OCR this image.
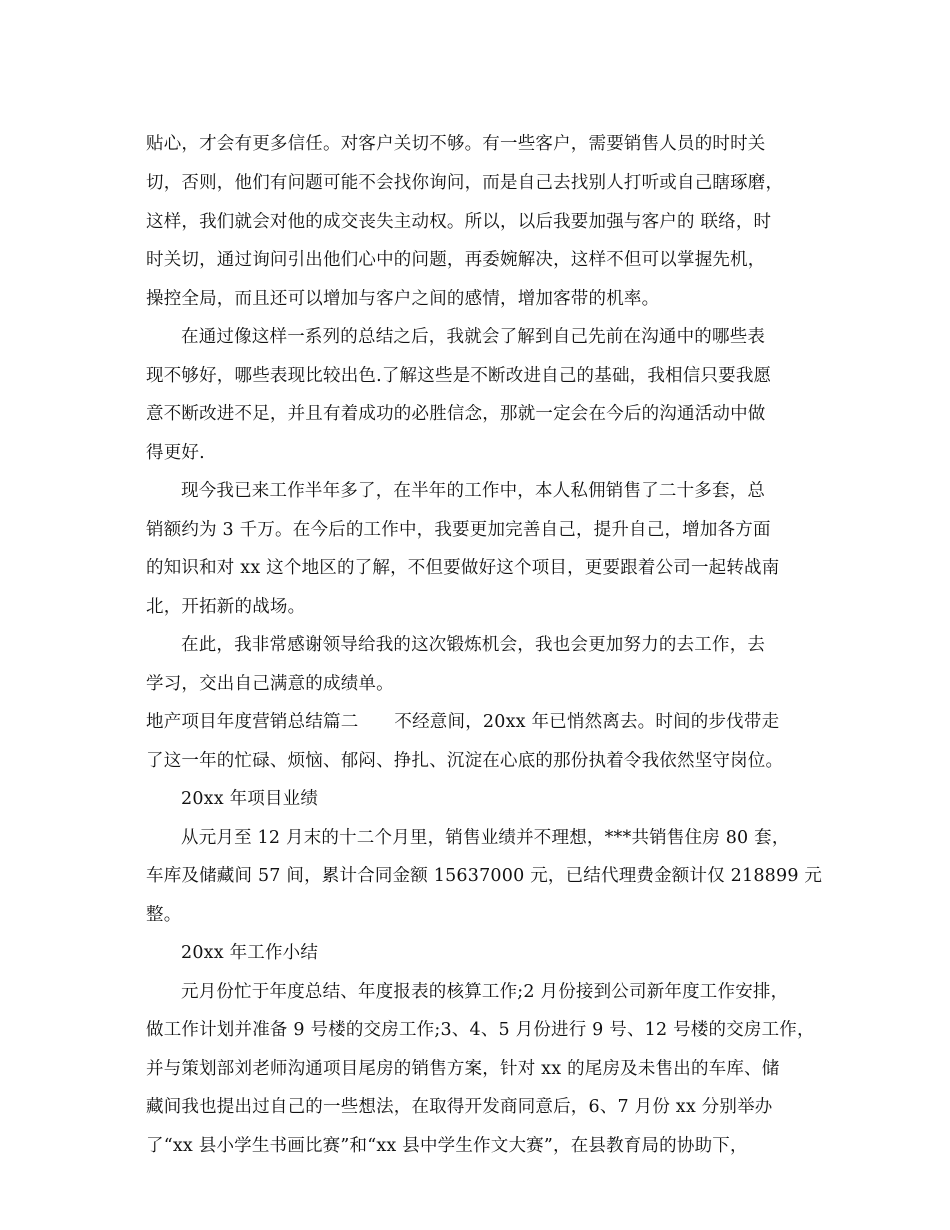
贴心，才会有更多信任。对客户关切不够。有一些客户，需要销售人员的时时关
切，否则，他们有问题可能不会找你询问，而是自己去找别人打听或自己瞎琢磨，
这样，我们就会对他的成交丧失主动权。所以，以后我要加强与客户的 联络，时
时关切，通过询问引出他们心中的问题，再委婉解决，这样不但可以掌握先机，
操控全局，而且还可以增加与客户之间的感情，增加客带的机率。
在通过像这样一系列的总结之后，我就会了解到自己先前在沟通中的哪些表
现不够好，哪些表现比较出色.了解这些是不断改进自己的基础，我相信只要我愿
意不断改进不足，并且有着成功的必胜信念，那就一定会在今后的沟通活动中做
得更好.
现今我已来工作半年多了，在半年的工作中，本人私佣销售了二十多套，总
销额约为 3 千万。在今后的工作中，我要更加完善自己，提升自己，增加各方面
的知识和对 xx 这个地区的了解，不但要做好这个项目，更要跟着公司一起转战南
北，开拓新的战场。
在此，我非常感谢领导给我的这次锻炼机会，我也会更加努力的去工作，去
学习，交出自己满意的成绩单。
地产项目年度营销总结篇二 不经意间，20xx 年已悄然离去。时间的步伐带走
了这一年的忙碌、烦恼、郁闷、挣扎、沉淀在心底的那份执着令我依然坚守岗位。
20xx 年项目业绩
从元月至 12 月末的十二个月里，销售业绩并不理想，***共销售住房 80 套，
车库及储藏间 57 间，累计合同金额 15637000 元，已结代理费金额计仅 218899 元
整。
20xx 年工作小结
元月份忙于年度总结、年度报表的核算工作;2 月份接到公司新年度工作安排，
做工作计划并准备 9 号楼的交房工作;3、4、5 月份进行 9 号、12 号楼的交房工作，
并与策划部刘老师沟通项目尾房的销售方案，针对 xx 的尾房及未售出的车库、储
藏间我也提出过自己的一些想法，在取得开发商同意后，6、7 月份 xx 分别举办
了“xx 县小学生书画比赛”和“xx 县中学生作文大赛”，在县教育局的协助下，
